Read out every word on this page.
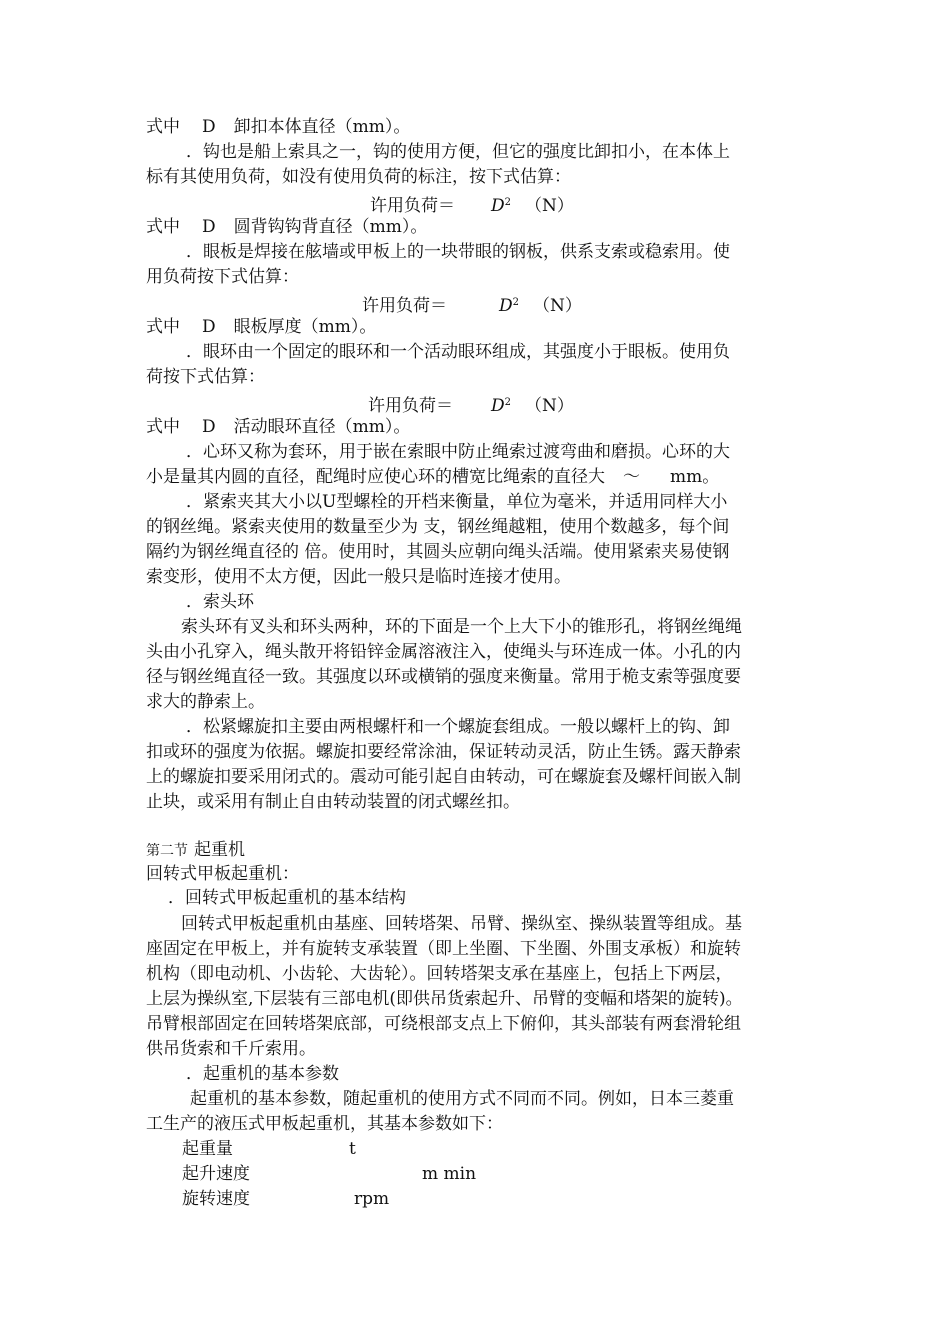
式中 D 卸扣本体直径（mm）。
．钩也是船上索具之一，钩的使用方便，但它的强度比卸扣小，在本体上
标有其使用负荷，如没有使用负荷的标注，按下式估算：
许用负荷＝ $D^2$ （N）
式中 D 圆背钩钩背直径（mm）。
．眼板是焊接在舷墙或甲板上的一块带眼的钢板，供系支索或稳索用。使
用负荷按下式估算：
许用负荷＝	$D^2$ （N）
式中 D 眼板厚度（mm）。
．眼环由一个固定的眼环和一个活动眼环组成，其强度小于眼板。使用负
荷按下式估算：
许用负荷＝ $D^2$ （N）
式中 D 活动眼环直径（mm）。
．心环又称为套环，用于嵌在索眼中防止绳索过渡弯曲和磨损。心环的大
小是量其内圆的直径，配绳时应使心环的槽宽比绳索的直径大 ～ mm。
．紧索夹其大小以U型螺栓的开档来衡量，单位为毫米，并适用同样大小
的钢丝绳。紧索夹使用的数量至少为 支，钢丝绳越粗，使用个数越多，每个间
隔约为钢丝绳直径的 倍。使用时，其圆头应朝向绳头活端。使用紧索夹易使钢
索变形，使用不太方便，因此一般只是临时连接才使用。
．索头环
索头环有叉头和环头两种，环的下面是一个上大下小的锥形孔，将钢丝绳绳
头由小孔穿入，绳头散开将铅锌金属溶液注入，使绳头与环连成一体。小孔的内
径与钢丝绳直径一致。其强度以环或横销的强度来衡量。常用于桅支索等强度要
求大的静索上。
．松紧螺旋扣主要由两根螺杆和一个螺旋套组成。一般以螺杆上的钩、卸
扣或环的强度为依据。螺旋扣要经常涂油，保证转动灵活，防止生锈。露天静索
上的螺旋扣要采用闭式的。震动可能引起自由转动，可在螺旋套及螺杆间嵌入制
止块，或采用有制止自由转动装置的闭式螺丝扣。
第二节 起重机
回转式甲板起重机：
．回转式甲板起重机的基本结构
回转式甲板起重机由基座、回转塔架、吊臂、操纵室、操纵装置等组成。基
座固定在甲板上，并有旋转支承装置（即上坐圈、下坐圈、外围支承板）和旋转
机构（即电动机、小齿轮、大齿轮）。回转塔架支承在基座上，包括上下两层，
上层为操纵室,下层装有三部电机(即供吊货索起升、吊臂的变幅和塔架的旋转)。
吊臂根部固定在回转塔架底部，可绕根部支点上下俯仰，其头部装有两套滑轮组
供吊货索和千斤索用。
．起重机的基本参数
起重机的基本参数，随起重机的使用方式不同而不同。例如，日本三菱重
工生产的液压式甲板起重机，其基本参数如下：
起重量	t
起升速度	m min
旋转速度	rpm
